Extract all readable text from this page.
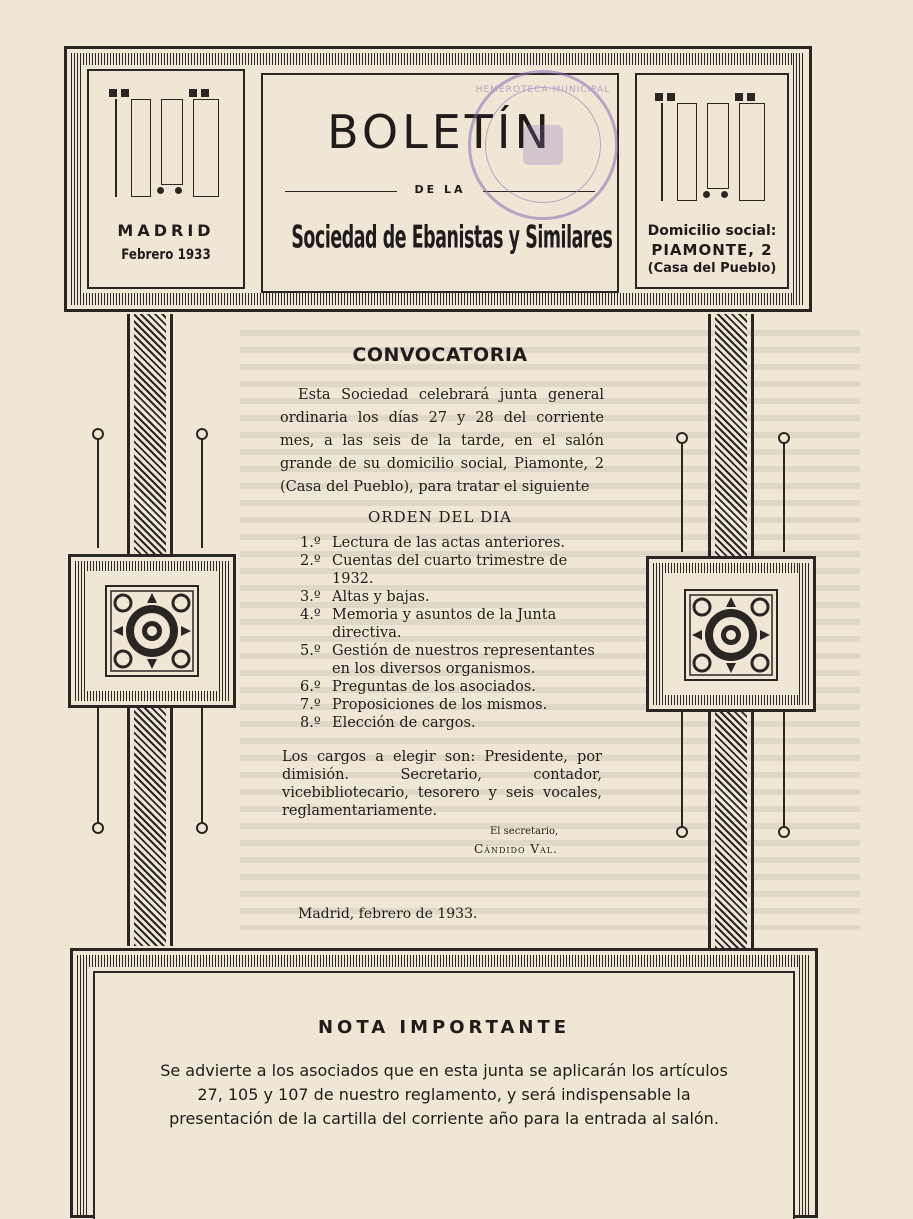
MADRID
Febrero 1933
BOLETÍN
DE LA
Sociedad de Ebanistas y Similares	Domicilio social:
PIAMONTE, 2
(Casa del Pueblo)
HEMEROTECA MUNICIPAL
CONVOCATORIA
Esta Sociedad celebrará junta general ordinaria los días 27 y 28 del corriente mes, a las seis de la tarde, en el salón grande de su domicilio social, Piamonte, 2 (Casa del Pueblo), para tratar el siguiente
ORDEN DEL DIA
1.º Lectura de las actas anteriores.
2.º Cuentas del cuarto trimestre de 1932.
3.º Altas y bajas.
4.º Memoria y asuntos de la Junta directiva.
5.º Gestión de nuestros representantes en los diversos organismos.
6.º Preguntas de los asociados.
7.º Proposiciones de los mismos.
8.º Elección de cargos.
Los cargos a elegir son: Presidente, por dimisión. Secretario, contador, vicebibliotecario, tesorero y seis vocales, reglamentariamente.
El secretario,
Cándido Val.
Madrid, febrero de 1933.
NOTA IMPORTANTE
Se advierte a los asociados que en esta junta se aplicarán los artículos 27, 105 y 107 de nuestro reglamento, y será indispensable la presentación de la cartilla del corriente año para la entrada al salón.
